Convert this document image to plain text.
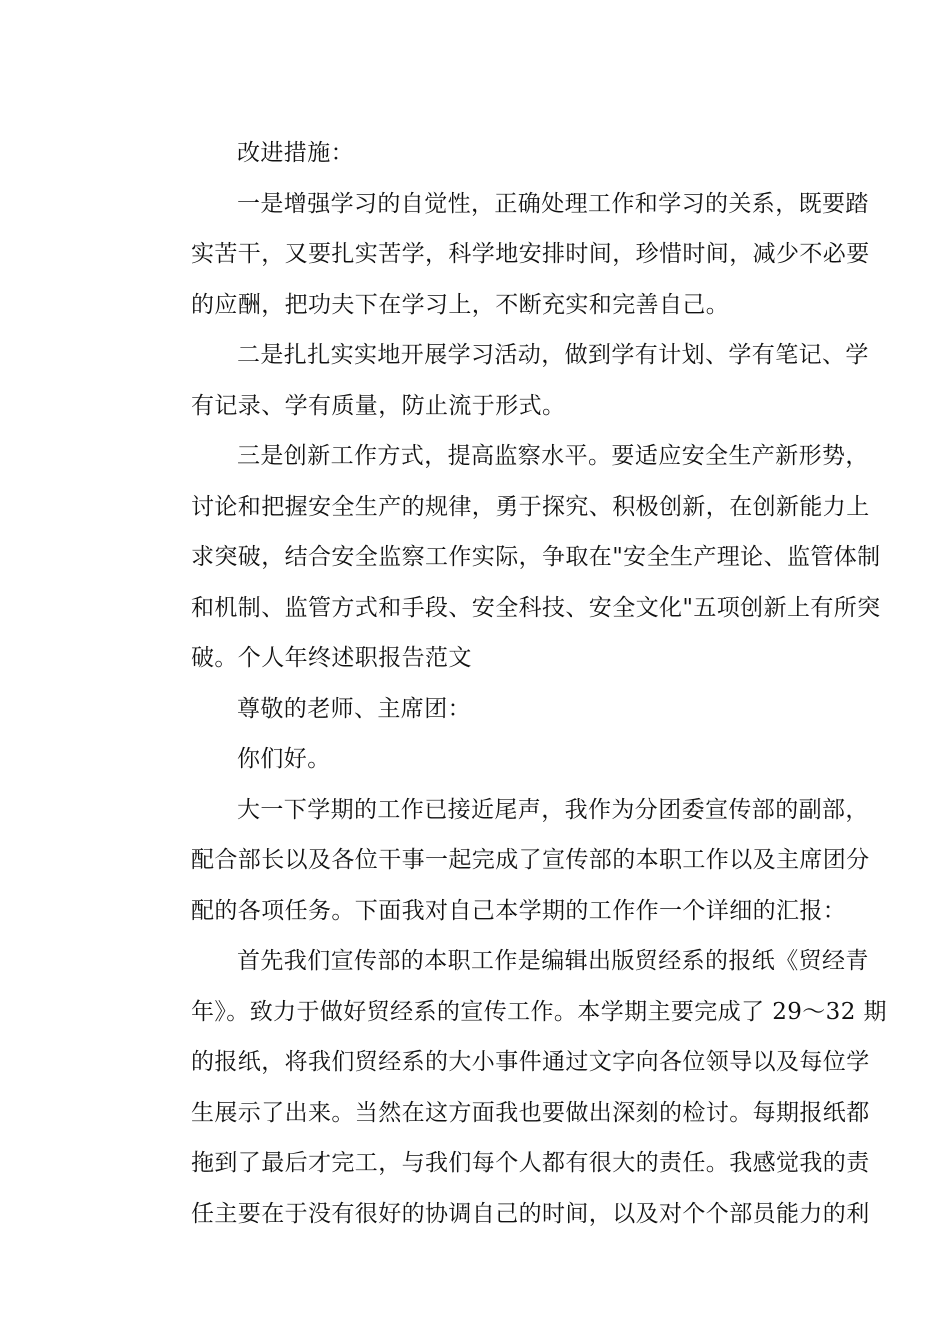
改进措施：
一是增强学习的自觉性，正确处理工作和学习的关系，既要踏
实苦干，又要扎实苦学，科学地安排时间，珍惜时间，减少不必要
的应酬，把功夫下在学习上，不断充实和完善自己。
二是扎扎实实地开展学习活动，做到学有计划、学有笔记、学
有记录、学有质量，防止流于形式。
三是创新工作方式，提高监察水平。要适应安全生产新形势，
讨论和把握安全生产的规律，勇于探究、积极创新，在创新能力上
求突破，结合安全监察工作实际，争取在"安全生产理论、监管体制
和机制、监管方式和手段、安全科技、安全文化"五项创新上有所突
破。个人年终述职报告范文
尊敬的老师、主席团：
你们好。
大一下学期的工作已接近尾声，我作为分团委宣传部的副部，
配合部长以及各位干事一起完成了宣传部的本职工作以及主席团分
配的各项任务。下面我对自己本学期的工作作一个详细的汇报：
首先我们宣传部的本职工作是编辑出版贸经系的报纸《贸经青
年》。致力于做好贸经系的宣传工作。本学期主要完成了 29～32 期
的报纸，将我们贸经系的大小事件通过文字向各位领导以及每位学
生展示了出来。当然在这方面我也要做出深刻的检讨。每期报纸都
拖到了最后才完工，与我们每个人都有很大的责任。我感觉我的责
任主要在于没有很好的协调自己的时间，以及对个个部员能力的利
